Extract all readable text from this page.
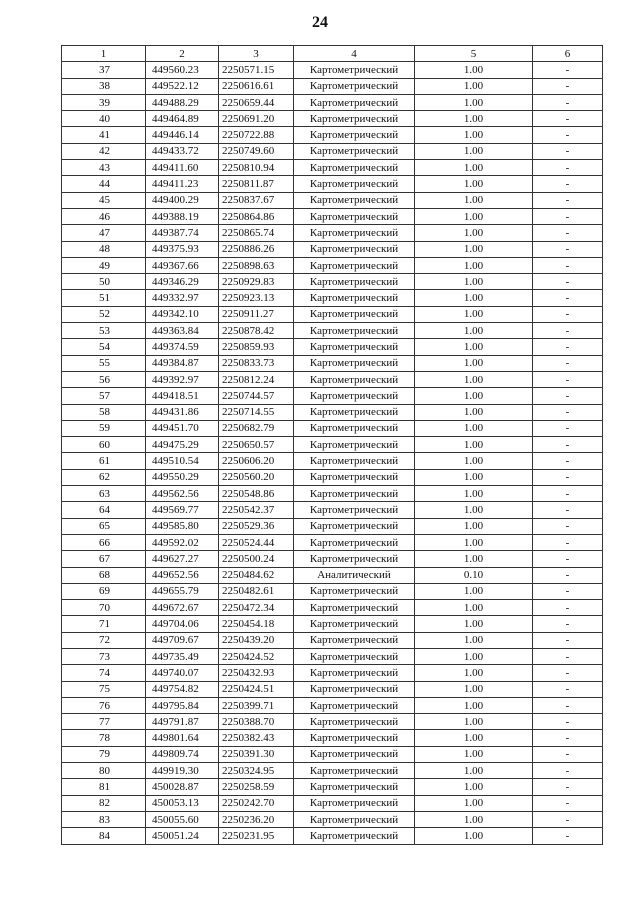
24
1	2	3	4	5	6
37	449560.23	2250571.15	Картометрический	1.00	-
38	449522.12	2250616.61	Картометрический	1.00	-
39	449488.29	2250659.44	Картометрический	1.00	-
40	449464.89	2250691.20	Картометрический	1.00	-
41	449446.14	2250722.88	Картометрический	1.00	-
42	449433.72	2250749.60	Картометрический	1.00	-
43	449411.60	2250810.94	Картометрический	1.00	-
44	449411.23	2250811.87	Картометрический	1.00	-
45	449400.29	2250837.67	Картометрический	1.00	-
46	449388.19	2250864.86	Картометрический	1.00	-
47	449387.74	2250865.74	Картометрический	1.00	-
48	449375.93	2250886.26	Картометрический	1.00	-
49	449367.66	2250898.63	Картометрический	1.00	-
50	449346.29	2250929.83	Картометрический	1.00	-
51	449332.97	2250923.13	Картометрический	1.00	-
52	449342.10	2250911.27	Картометрический	1.00	-
53	449363.84	2250878.42	Картометрический	1.00	-
54	449374.59	2250859.93	Картометрический	1.00	-
55	449384.87	2250833.73	Картометрический	1.00	-
56	449392.97	2250812.24	Картометрический	1.00	-
57	449418.51	2250744.57	Картометрический	1.00	-
58	449431.86	2250714.55	Картометрический	1.00	-
59	449451.70	2250682.79	Картометрический	1.00	-
60	449475.29	2250650.57	Картометрический	1.00	-
61	449510.54	2250606.20	Картометрический	1.00	-
62	449550.29	2250560.20	Картометрический	1.00	-
63	449562.56	2250548.86	Картометрический	1.00	-
64	449569.77	2250542.37	Картометрический	1.00	-
65	449585.80	2250529.36	Картометрический	1.00	-
66	449592.02	2250524.44	Картометрический	1.00	-
67	449627.27	2250500.24	Картометрический	1.00	-
68	449652.56	2250484.62	Аналитический	0.10	-
69	449655.79	2250482.61	Картометрический	1.00	-
70	449672.67	2250472.34	Картометрический	1.00	-
71	449704.06	2250454.18	Картометрический	1.00	-
72	449709.67	2250439.20	Картометрический	1.00	-
73	449735.49	2250424.52	Картометрический	1.00	-
74	449740.07	2250432.93	Картометрический	1.00	-
75	449754.82	2250424.51	Картометрический	1.00	-
76	449795.84	2250399.71	Картометрический	1.00	-
77	449791.87	2250388.70	Картометрический	1.00	-
78	449801.64	2250382.43	Картометрический	1.00	-
79	449809.74	2250391.30	Картометрический	1.00	-
80	449919.30	2250324.95	Картометрический	1.00	-
81	450028.87	2250258.59	Картометрический	1.00	-
82	450053.13	2250242.70	Картометрический	1.00	-
83	450055.60	2250236.20	Картометрический	1.00	-
84	450051.24	2250231.95	Картометрический	1.00	-
